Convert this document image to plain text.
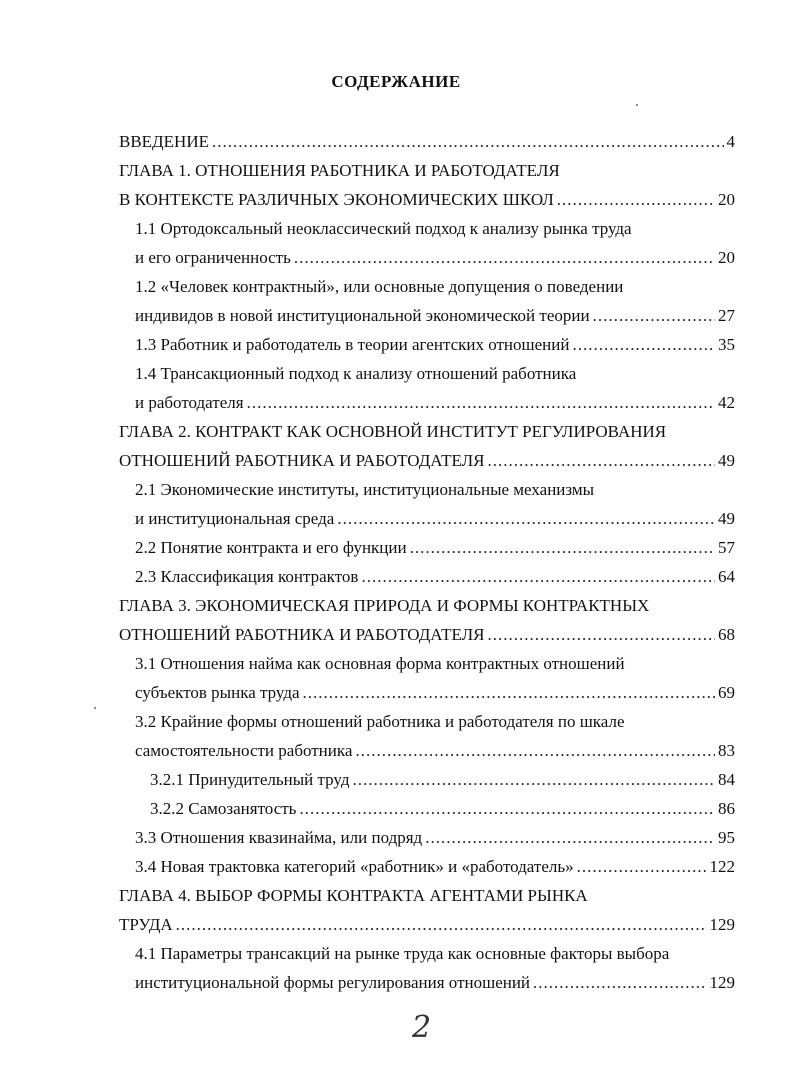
СОДЕРЖАНИЕ
ВВЕДЕНИЕ .....	4
ГЛАВА 1. ОТНОШЕНИЯ РАБОТНИКА И РАБОТОДАТЕЛЯ
В КОНТЕКСТЕ РАЗЛИЧНЫХ ЭКОНОМИЧЕСКИХ ШКОЛ .....	20
1.1 Ортодоксальный неоклассический подход к анализу рынка труда
и его ограниченность .....	20
1.2 «Человек контрактный», или основные допущения о поведении
индивидов в новой институциональной экономической теории .....	27
1.3 Работник и работодатель в теории агентских отношений .....	35
1.4 Трансакционный подход к анализу отношений работника
и работодателя .....	42
ГЛАВА 2. КОНТРАКТ КАК ОСНОВНОЙ ИНСТИТУТ РЕГУЛИРОВАНИЯ
ОТНОШЕНИЙ РАБОТНИКА И РАБОТОДАТЕЛЯ .....	49
2.1 Экономические институты, институциональные механизмы
и институциональная среда .....	49
2.2 Понятие контракта и его функции .....	57
2.3 Классификация контрактов .....	64
ГЛАВА 3. ЭКОНОМИЧЕСКАЯ ПРИРОДА И ФОРМЫ КОНТРАКТНЫХ
ОТНОШЕНИЙ РАБОТНИКА И РАБОТОДАТЕЛЯ .....	68
3.1 Отношения найма как основная форма контрактных отношений
субъектов рынка труда .....	69
3.2 Крайние формы отношений работника и работодателя по шкале
самостоятельности работника .....	83
3.2.1 Принудительный труд .....	84
3.2.2 Самозанятость .....	86
3.3 Отношения квазинайма, или подряд .....	95
3.4 Новая трактовка категорий «работник» и «работодатель» .....	122
ГЛАВА 4. ВЫБОР ФОРМЫ КОНТРАКТА АГЕНТАМИ РЫНКА
ТРУДА .....	129
4.1 Параметры трансакций на рынке труда как основные факторы выбора
институциональной формы регулирования отношений .....	129
2
